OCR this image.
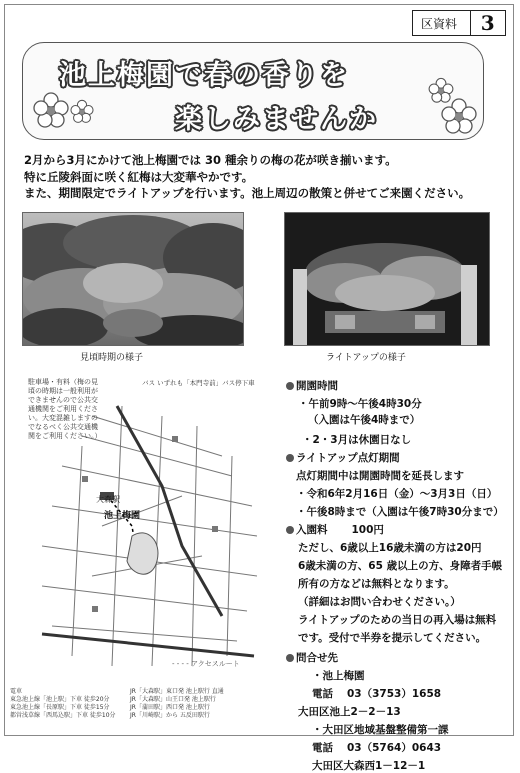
区資料	3
池上梅園で春の香りを
楽しみませんか
2月から3月にかけて池上梅園では 30 種余りの梅の花が咲き揃います。
特に丘陵斜面に咲く紅梅は大変華やかです。
また、期間限定でライトアップを行います。池上周辺の散策と併せてご来園ください。
見頃時期の様子	ライトアップの様子
駐車場・有料（梅の見頃の時期は一般利用ができませんので公共交通機関をご利用ください。大変混雑しますのでなるべく公共交通機関をご利用ください。）
バス いずれも「本門寺前」バス停下車
大森駅
池上梅園
- - - - アクセスルート
電車
東急池上線「池上駅」下車 徒歩20分
東急池上線「長原駅」下車 徒歩15分
都営浅草線「西馬込駅」下車 徒歩10分
JR「大森駅」東口発 池上駅行 直通
JR「大森駅」山王口発 池上駅行
JR「蒲田駅」西口発 池上駅行
JR「川崎駅」から 五反田駅行
開園時間
・午前9時～午後4時30分
（入園は午後4時まで）
・2・3月は休園日なし
ライトアップ点灯期間
点灯期間中は開園時間を延長します
・令和6年2月16日（金）～3月3日（日）
・午後8時まで（入園は午後7時30分まで）
入園料 100円
ただし、6歳以上16歳未満の方は20円
6歳未満の方、65 歳以上の方、身障者手帳
所有の方などは無料となります。
（詳細はお問い合わせください。）
ライトアップのための当日の再入場は無料
です。受付で半券を提示してください。
問合せ先
・池上梅園
電話 03（3753）1658
大田区池上2－2－13
・大田区地域基盤整備第一課
電話 03（5764）0643
大田区大森西1－12－1
